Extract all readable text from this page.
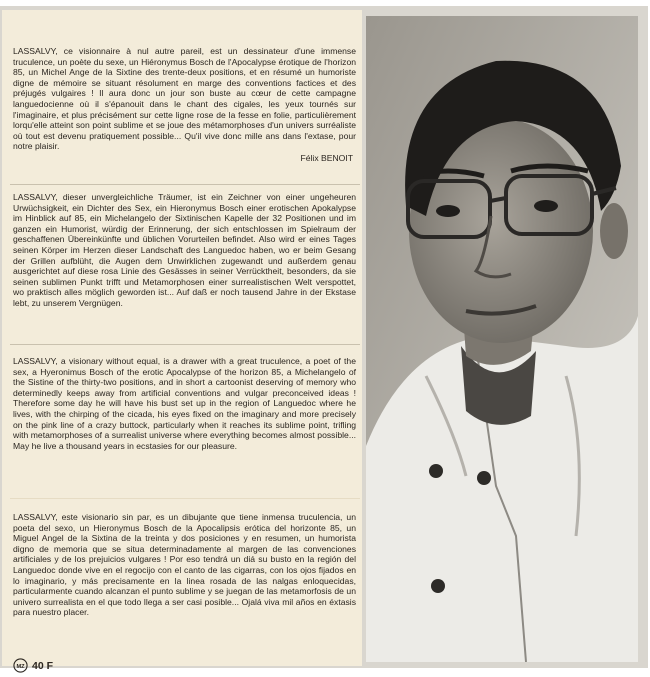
LASSALVY, ce visionnaire à nul autre pareil, est un dessinateur d'une immense truculence, un poète du sexe, un Hiéronymus Bosch de l'Apocalypse érotique de l'horizon 85, un Michel Ange de la Sixtine des trente-deux positions, et en résumé un humoriste digne de mémoire se situant résolument en marge des conventions factices et des préjugés vulgaires ! Il aura donc un jour son buste au cœur de cette campagne languedocienne où il s'épanouit dans le chant des cigales, les yeux tournés sur l'imaginaire, et plus précisément sur cette ligne rose de la fesse en folie, particulièrement lorqu'elle atteint son point sublime et se joue des métamorphoses d'un univers surréaliste où tout est devenu pratiquement possible... Qu'il vive donc mille ans dans l'extase, pour notre plaisir.
Félix BENOIT

LASSALVY, dieser unvergleichliche Träumer, ist ein Zeichner von einer ungeheuren Urwüchsigkeit, ein Dichter des Sex, ein Hieronymus Bosch einer erotischen Apokalypse im Hinblick auf 85, ein Michelangelo der Sixtinischen Kapelle der 32 Positionen und im ganzen ein Humorist, würdig der Erinnerung, der sich entschlossen im Spielraum der geschaffenen Übereinkünfte und üblichen Vorurteilen befindet. Also wird er eines Tages seinen Körper im Herzen dieser Landschaft des Languedoc haben, wo er beim Gesang der Grillen aufblüht, die Augen dem Unwirklichen zugewandt und außerdem genau ausgerichtet auf diese rosa Linie des Gesässes in seiner Verrücktheit, besonders, da sie seinen sublimen Punkt trifft und Metamorphosen einer surrealistischen Welt verspottet, wo praktisch alles möglich geworden ist... Auf daß er noch tausend Jahre in der Ekstase lebt, zu unserem Vergnügen.

LASSALVY, a visionary without equal, is a drawer with a great truculence, a poet of the sex, a Hyeronimus Bosch of the erotic Apocalypse of the horizon 85, a Michelangelo of the Sistine of the thirty-two positions, and in short a cartoonist deserving of memory who determinedly keeps away from artificial conventions and vulgar preconceived ideas ! Therefore some day he will have his bust set up in the region of Languedoc where he lives, with the chirping of the cicada, his eyes fixed on the imaginary and more precisely on the pink line of a crazy buttock, particularly when it reaches its sublime point, trifling with metamorphoses of a surrealist universe where everything becomes almost possible... May he live a thousand years in ecstasies for our pleasure.

LASSALVY, este visionario sin par, es un dibujante que tiene inmensa truculencia, un poeta del sexo, un Hieronymus Bosch de la Apocalipsis erótica del horizonte 85, un Miguel Angel de la Sixtina de la treinta y dos posiciones y en resumen, un humorista digno de memoria que se situa determinadamente al margen de las convenciones artificiales y de los prejuicios vulgares ! Por eso tendrá un diá su busto en la región del Languedoc donde vive en el regocijo con el canto de las cigarras, con los ojos fijados en lo imaginario, y más precisamente en la linea rosada de las nalgas enloquecidas, particularmente cuando alcanzan el punto sublime y se juegan de las metamorfosis de un univero surrealista en el que todo llega a ser casi posible... Ojalá viva mil años en éxtasis para nuestro placer.

MZ 40 F
